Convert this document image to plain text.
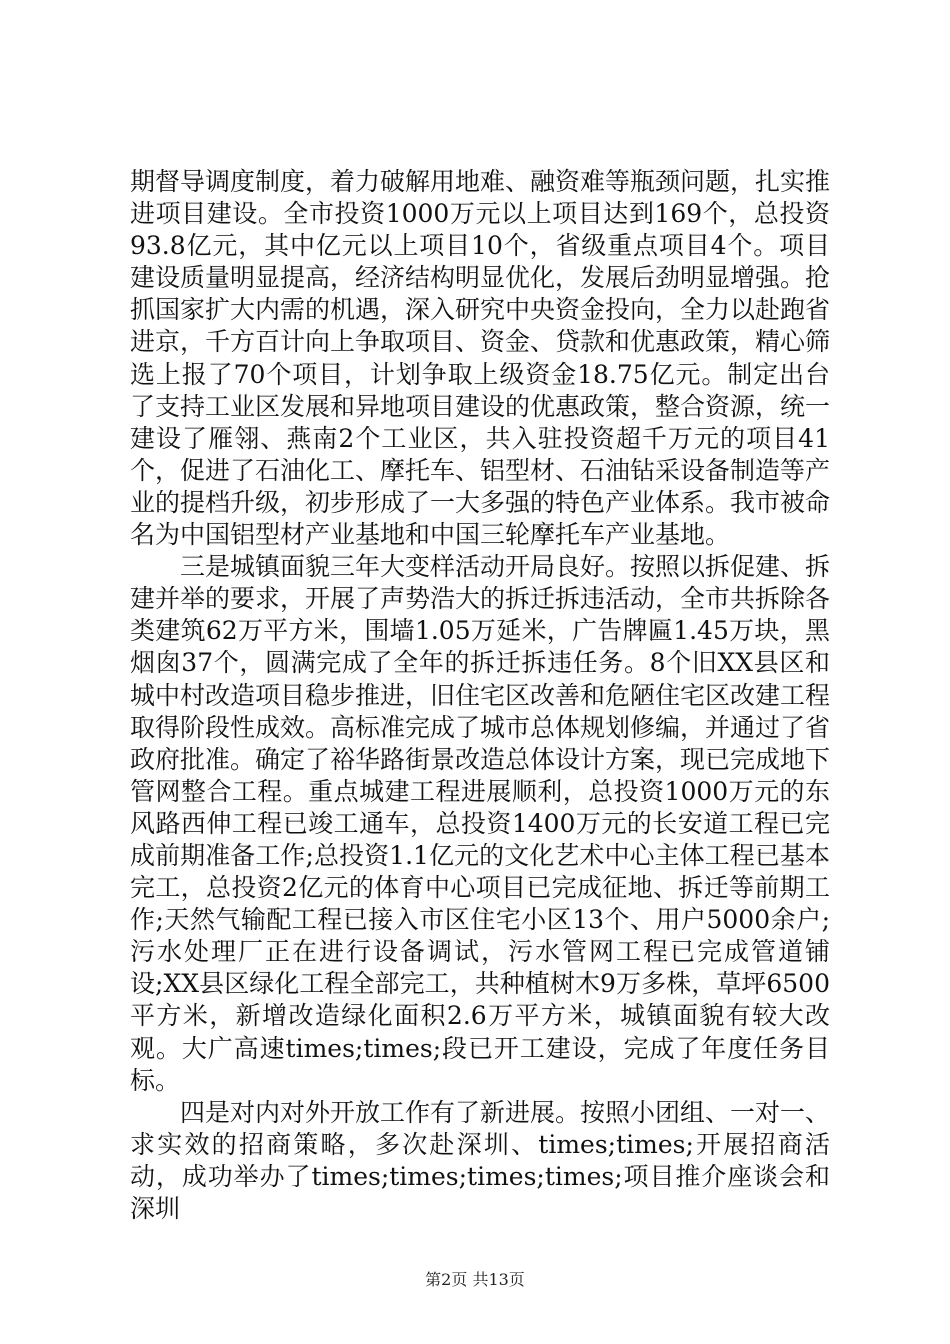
期督导调度制度，着力破解用地难、融资难等瓶颈问题，扎实推进项目建设。全市投资1000万元以上项目达到169个，总投资93.8亿元，其中亿元以上项目10个，省级重点项目4个。项目建设质量明显提高，经济结构明显优化，发展后劲明显增强。抢抓国家扩大内需的机遇，深入研究中央资金投向，全力以赴跑省进京，千方百计向上争取项目、资金、贷款和优惠政策，精心筛选上报了70个项目，计划争取上级资金18.75亿元。制定出台了支持工业区发展和异地项目建设的优惠政策，整合资源，统一建设了雁翎、燕南2个工业区，共入驻投资超千万元的项目41个，促进了石油化工、摩托车、铝型材、石油钻采设备制造等产业的提档升级，初步形成了一大多强的特色产业体系。我市被命名为中国铝型材产业基地和中国三轮摩托车产业基地。

三是城镇面貌三年大变样活动开局良好。按照以拆促建、拆建并举的要求，开展了声势浩大的拆迁拆违活动，全市共拆除各类建筑62万平方米，围墙1.05万延米，广告牌匾1.45万块，黑烟囱37个，圆满完成了全年的拆迁拆违任务。8个旧XX县区和城中村改造项目稳步推进，旧住宅区改善和危陋住宅区改建工程取得阶段性成效。高标准完成了城市总体规划修编，并通过了省政府批准。确定了裕华路街景改造总体设计方案，现已完成地下管网整合工程。重点城建工程进展顺利，总投资1000万元的东风路西伸工程已竣工通车，总投资1400万元的长安道工程已完成前期准备工作;总投资1.1亿元的文化艺术中心主体工程已基本完工，总投资2亿元的体育中心项目已完成征地、拆迁等前期工作;天然气输配工程已接入市区住宅小区13个、用户5000余户;污水处理厂正在进行设备调试，污水管网工程已完成管道铺设;XX县区绿化工程全部完工，共种植树木9万多株，草坪6500平方米，新增改造绿化面积2.6万平方米，城镇面貌有较大改观。大广高速times;times;段已开工建设，完成了年度任务目标。

四是对内对外开放工作有了新进展。按照小团组、一对一、求实效的招商策略，多次赴深圳、times;times;开展招商活动，成功举办了times;times;times;times;项目推介座谈会和深圳

第2页 共13页
